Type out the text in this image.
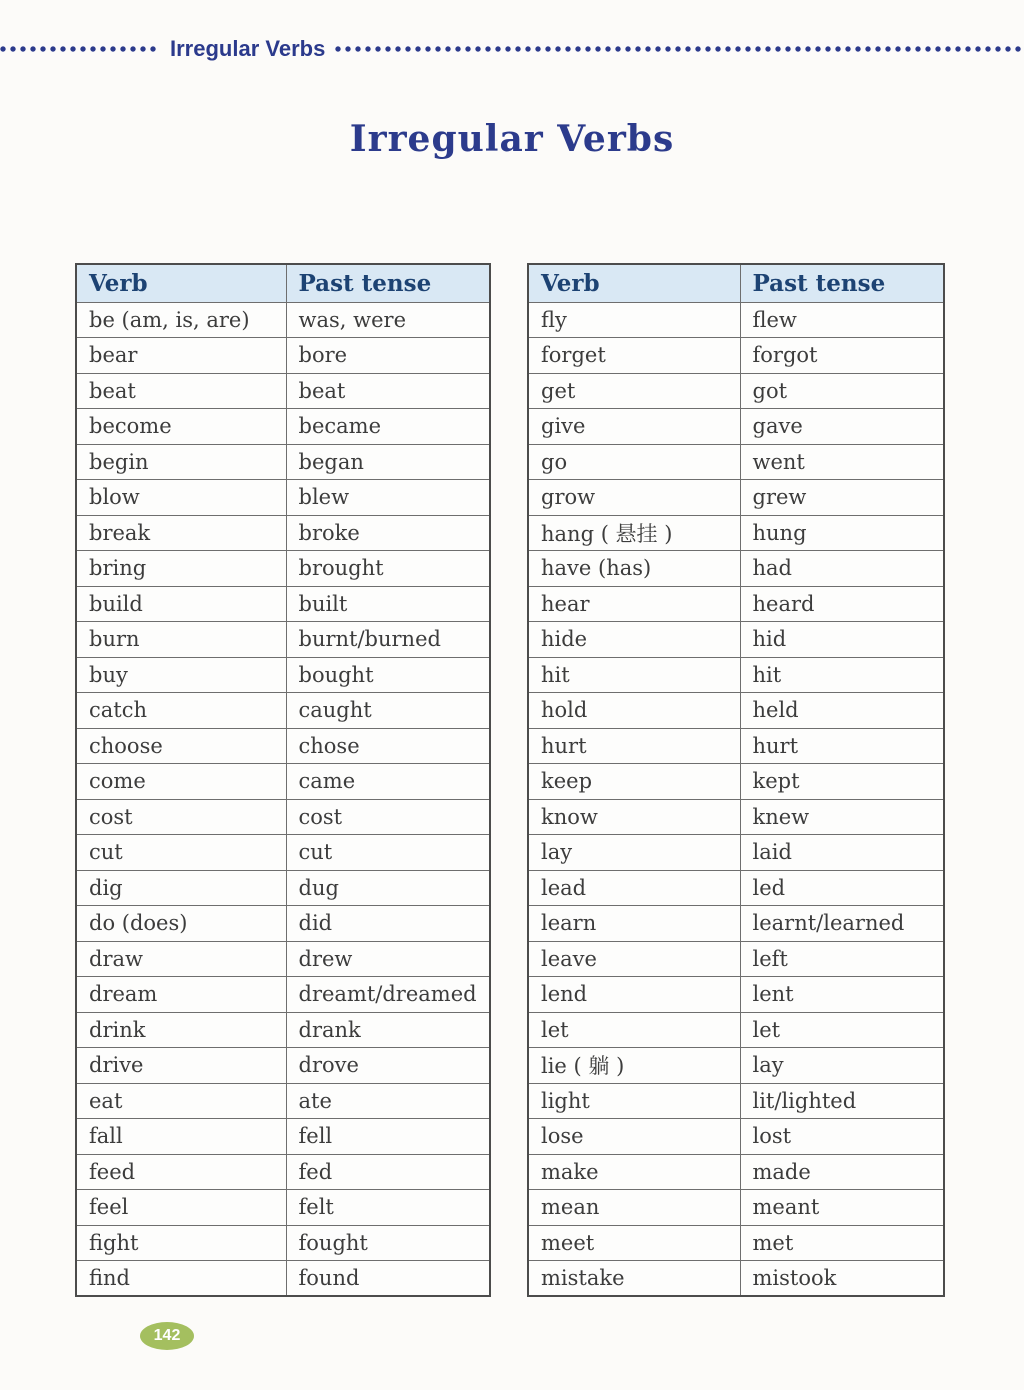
Irregular Verbs
Irregular Verbs
Verb	Past tense
be (am, is, are)	was, were
bear	bore
beat	beat
become	became
begin	began
blow	blew
break	broke
bring	brought
build	built
burn	burnt/burned
buy	bought
catch	caught
choose	chose
come	came
cost	cost
cut	cut
dig	dug
do (does)	did
draw	drew
dream	dreamt/dreamed
drink	drank
drive	drove
eat	ate
fall	fell
feed	fed
feel	felt
fight	fought
find	found
Verb	Past tense
fly	flew
forget	forgot
get	got
give	gave
go	went
grow	grew
hang ( 悬挂 )	hung
have (has)	had
hear	heard
hide	hid
hit	hit
hold	held
hurt	hurt
keep	kept
know	knew
lay	laid
lead	led
learn	learnt/learned
leave	left
lend	lent
let	let
lie ( 躺 )	lay
light	lit/lighted
lose	lost
make	made
mean	meant
meet	met
mistake	mistook
142
